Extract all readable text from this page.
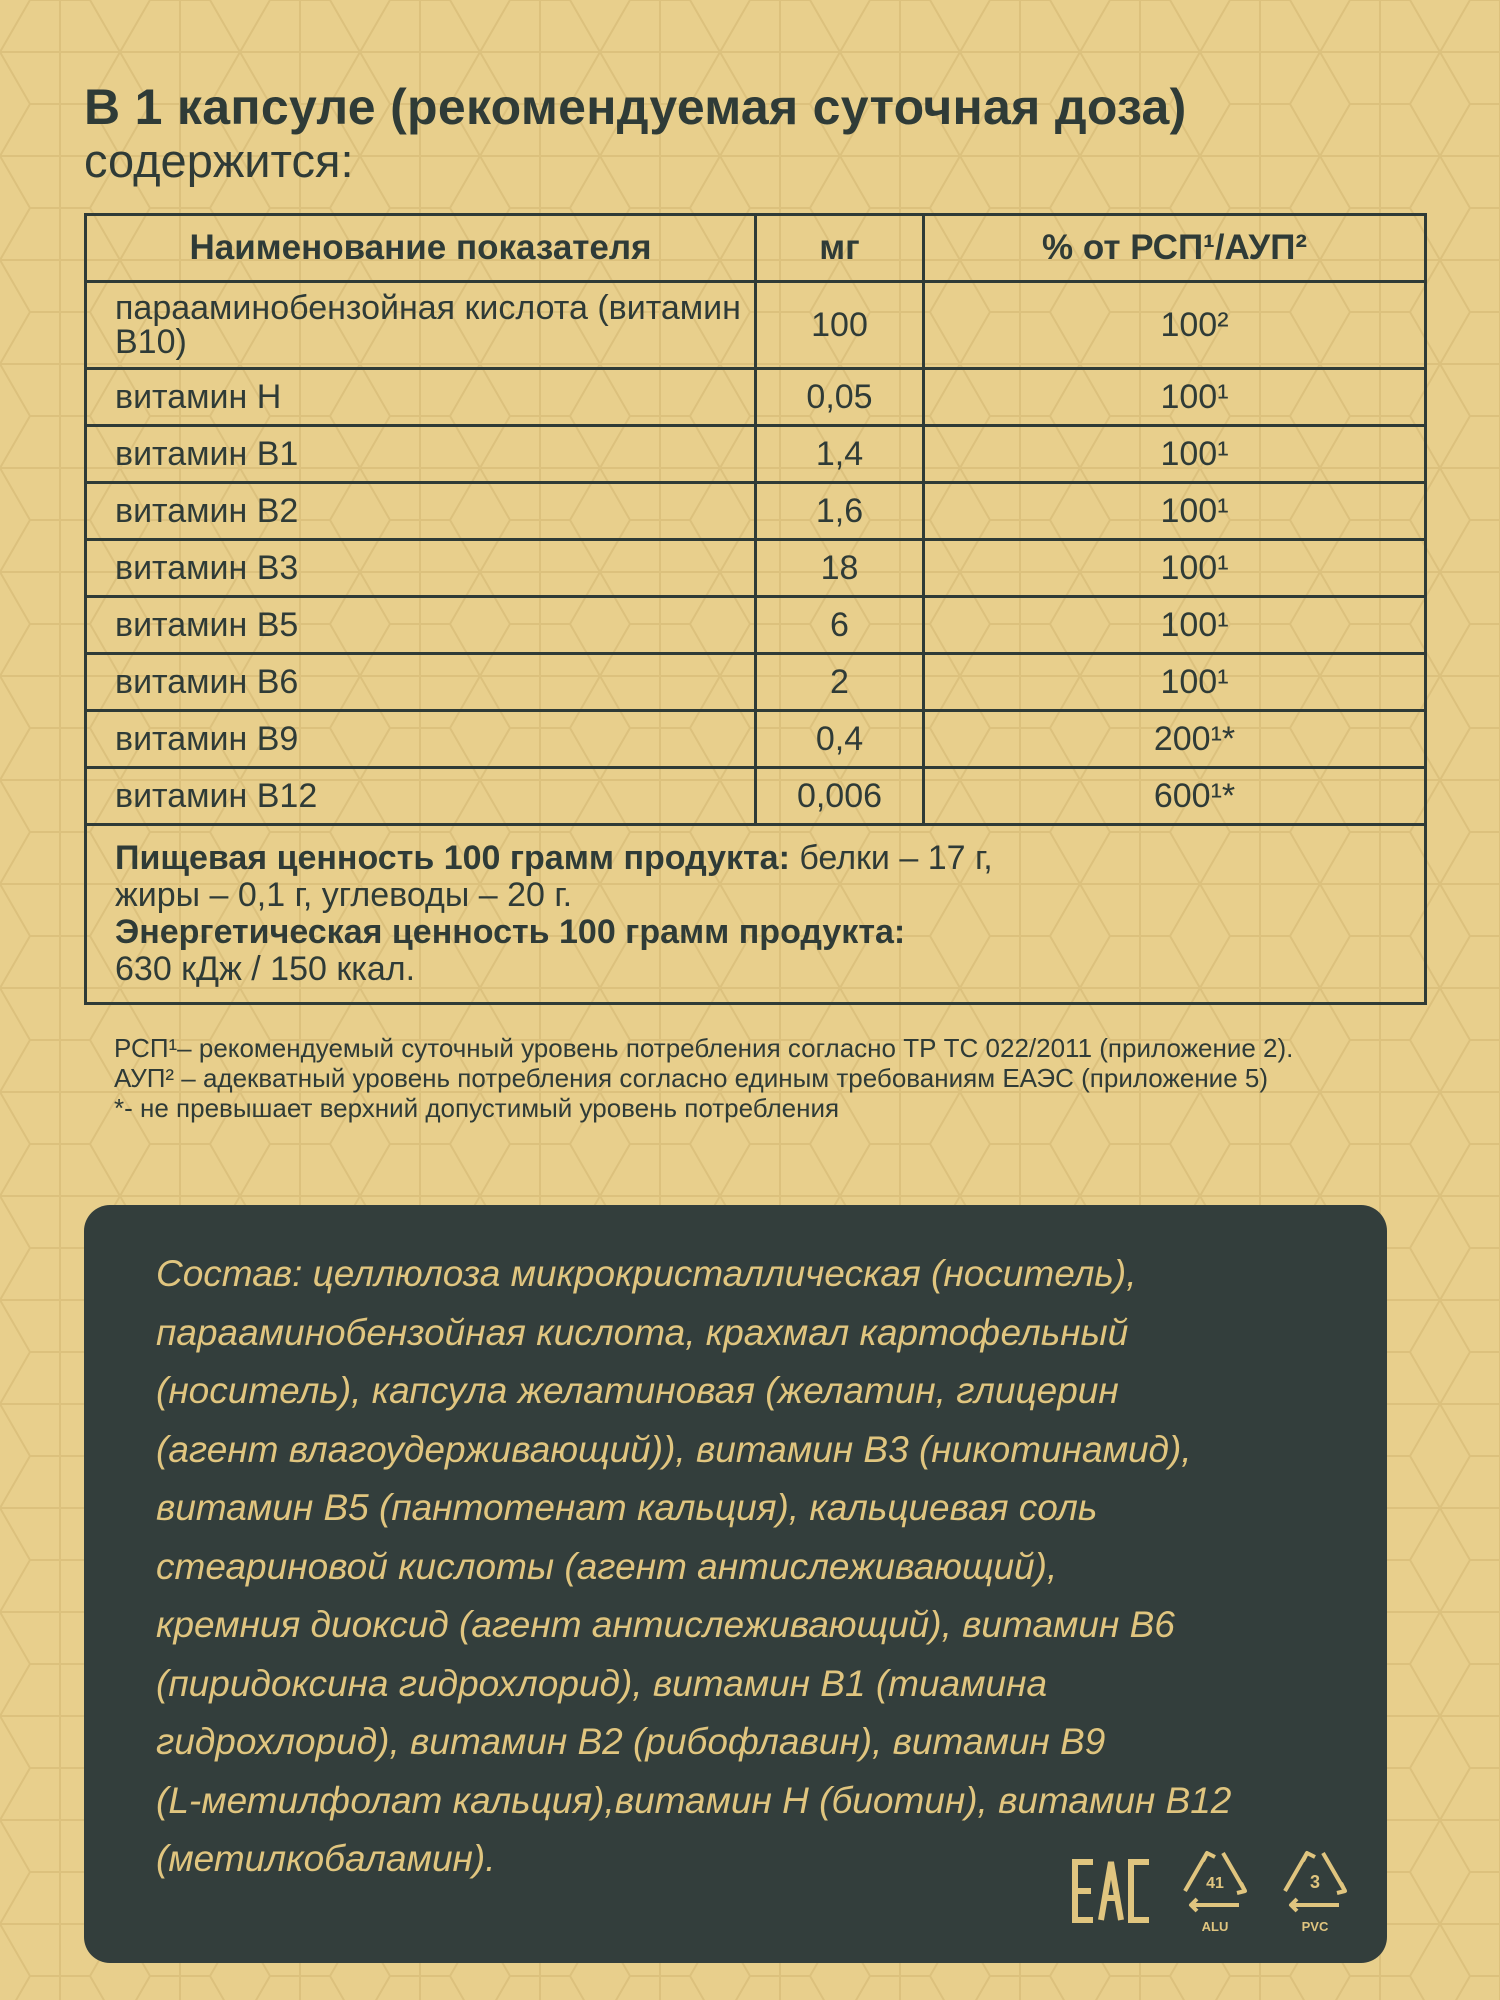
В 1 капсуле (рекомендуемая суточная доза)
содержится:
Наименование показателя	мг	% от РСП¹/АУП²
парааминобензойная кислота (витамин В10)	100	100²
витамин Н	0,05	100¹
витамин В1	1,4	100¹
витамин В2	1,6	100¹
витамин В3	18	100¹
витамин В5	6	100¹
витамин В6	2	100¹
витамин В9	0,4	200¹*
витамин В12	0,006	600¹*

Пищевая ценность 100 грамм продукта: белки – 17 г,
жиры – 0,1 г, углеводы – 20 г.
Энергетическая ценность 100 грамм продукта:
630 кДж / 150 ккал.		
РСП¹– рекомендуемый суточный уровень потребления согласно ТР ТС 022/2011 (приложение 2).
АУП² – адекватный уровень потребления согласно единым требованиям ЕАЭС (приложение 5)
*- не превышает верхний допустимый уровень потребления
Состав: целлюлоза микрокристаллическая (носитель),
парааминобензойная кислота, крахмал картофельный
(носитель), капсула желатиновая (желатин, глицерин
(агент влагоудерживающий)), витамин В3 (никотинамид),
витамин В5 (пантотенат кальция), кальциевая соль
стеариновой кислоты (агент антислеживающий),
кремния диоксид (агент антислеживающий), витамин В6
(пиридоксина гидрохлорид), витамин В1 (тиамина
гидрохлорид), витамин В2 (рибофлавин), витамин В9
(L-метилфолат кальция),витамин Н (биотин), витамин В12
(метилкобаламин).
ЕАС
41
ALU
3
PVC
